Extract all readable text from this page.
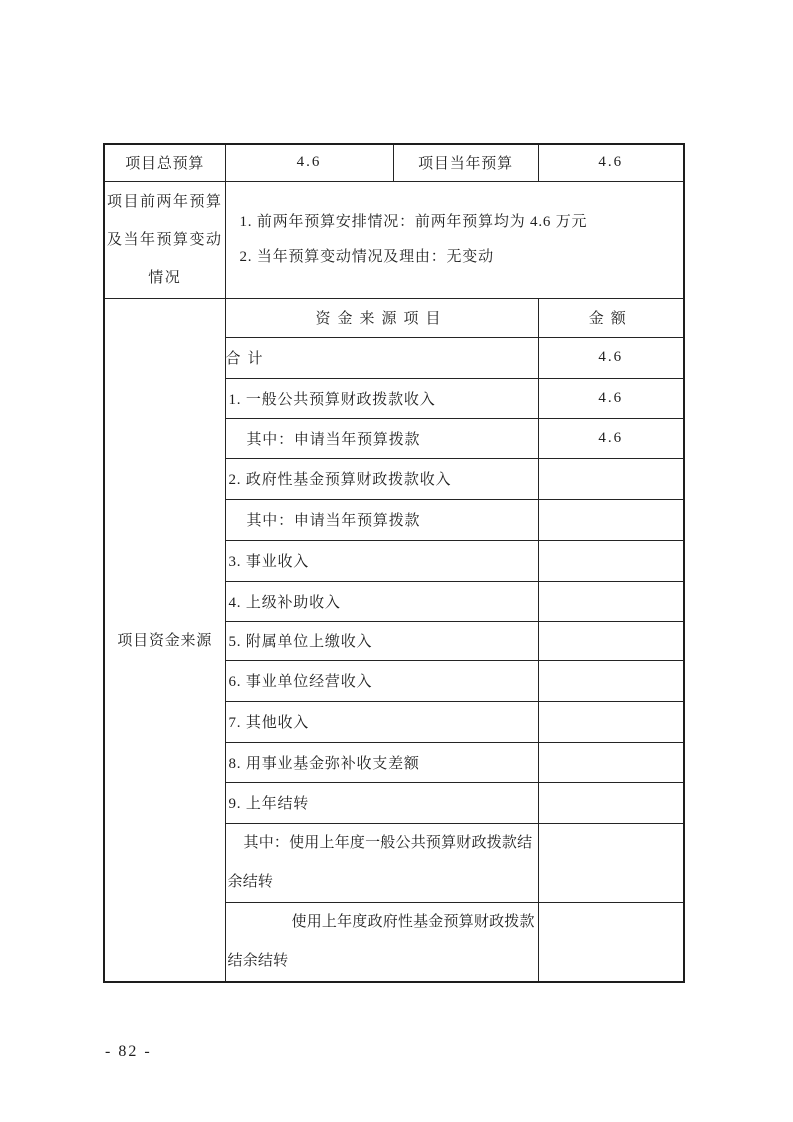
项目总预算	4.6	项目当年预算	4.6

项目前两年预算及当年预算变动情况	1. 前两年预算安排情况：前两年预算均为 4.6 万元

2. 当年预算变动情况及理由：无变动		

项目资金来源	资金来源项目		金额
	合计		4.6
	1. 一般公共预算财政拨款收入		4.6
	其中：申请当年预算拨款		4.6
	2. 政府性基金预算财政拨款收入		
	其中：申请当年预算拨款		
	3. 事业收入		
	4. 上级补助收入		
	5. 附属单位上缴收入		
	6. 事业单位经营收入		
	7. 其他收入		
	8. 用事业基金弥补收支差额		
	9. 上年结转		
	其中：使用上年度一般公共预算财政拨款结余结转		
	使用上年度政府性基金预算财政拨款结余结转		
- 82 -
